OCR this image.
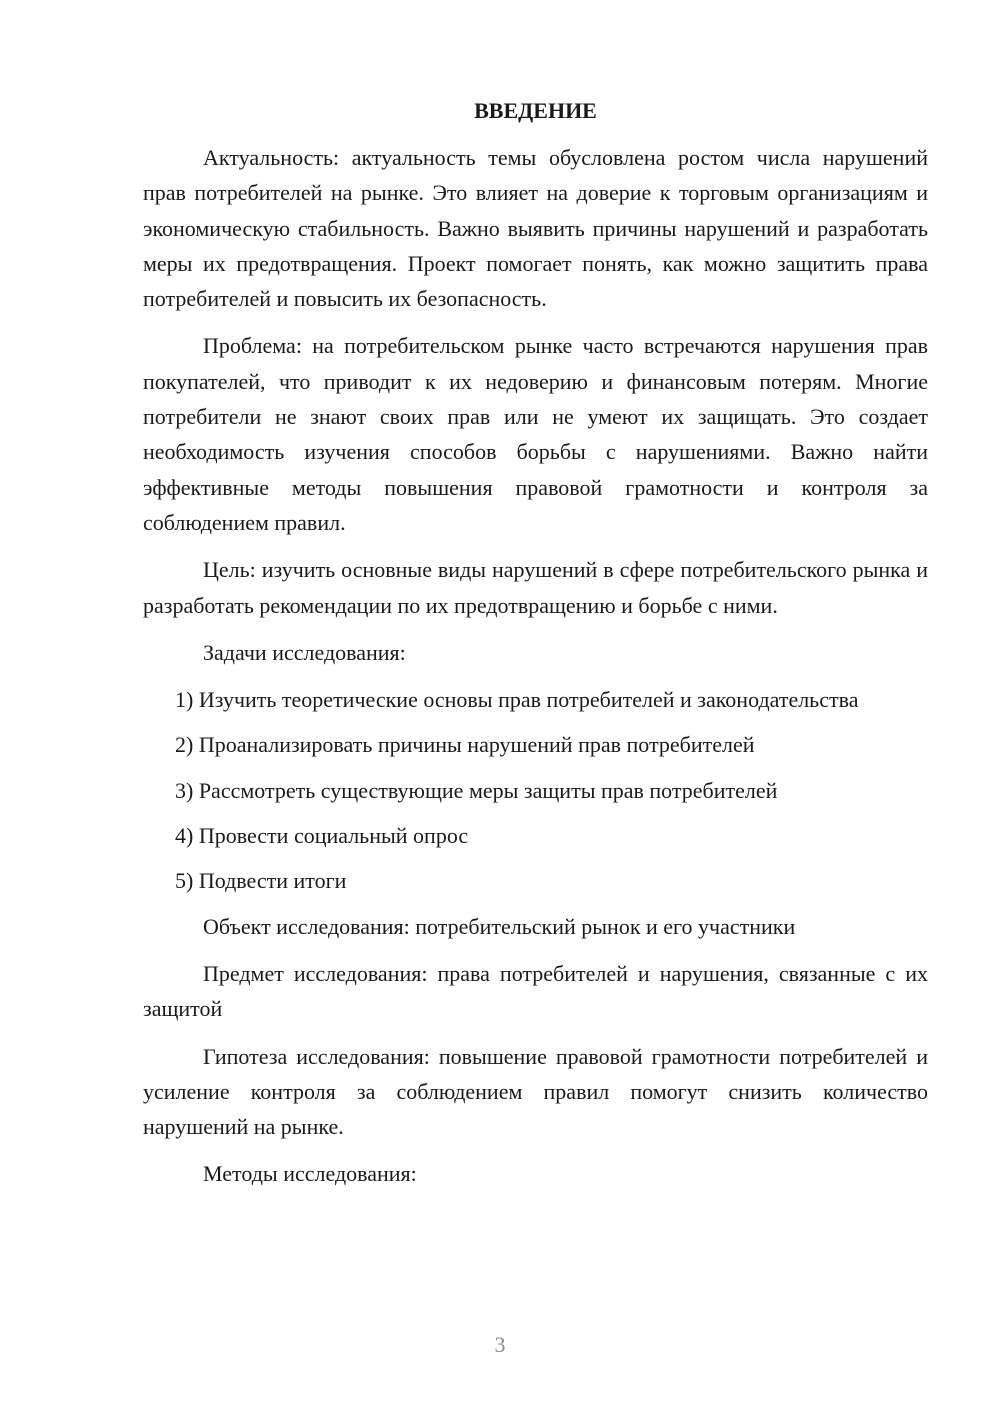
ВВЕДЕНИЕ

Актуальность: актуальность темы обусловлена ростом числа нарушений прав потребителей на рынке. Это влияет на доверие к торговым организациям и экономическую стабильность. Важно выявить причины нарушений и разработать меры их предотвращения. Проект помогает понять, как можно защитить права потребителей и повысить их безопасность.

Проблема: на потребительском рынке часто встречаются нарушения прав покупателей, что приводит к их недоверию и финансовым потерям. Многие потребители не знают своих прав или не умеют их защищать. Это создает необходимость изучения способов борьбы с нарушениями. Важно найти эффективные методы повышения правовой грамотности и контроля за соблюдением правил.

Цель: изучить основные виды нарушений в сфере потребительского рынка и разработать рекомендации по их предотвращению и борьбе с ними.

Задачи исследования:

1) Изучить теоретические основы прав потребителей и законодательства

2) Проанализировать причины нарушений прав потребителей

3) Рассмотреть существующие меры защиты прав потребителей

4) Провести социальный опрос

5) Подвести итоги

Объект исследования: потребительский рынок и его участники

Предмет исследования: права потребителей и нарушения, связанные с их защитой

Гипотеза исследования: повышение правовой грамотности потребителей и усиление контроля за соблюдением правил помогут снизить количество нарушений на рынке.

Методы исследования:

3
